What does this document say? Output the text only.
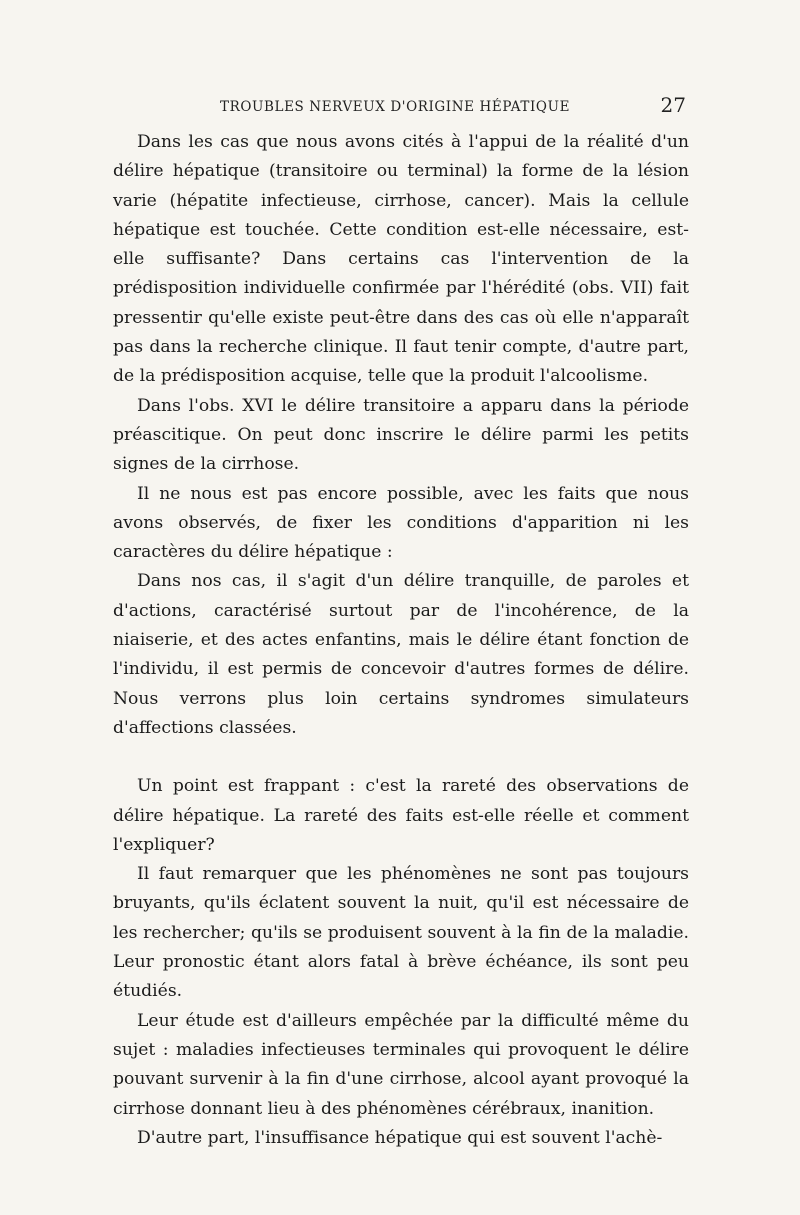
TROUBLES NERVEUX D'ORIGINE HÉPATIQUE	27

Dans les cas que nous avons cités à l'appui de la réalité d'un délire hépatique (transitoire ou terminal) la forme de la lésion varie (hépatite infectieuse, cirrhose, cancer). Mais la cellule hépatique est touchée. Cette condition est-elle nécessaire, est-elle suffisante? Dans certains cas l'intervention de la prédisposition individuelle confirmée par l'hérédité (obs. VII) fait pressentir qu'elle existe peut-être dans des cas où elle n'apparaît pas dans la recherche clinique. Il faut tenir compte, d'autre part, de la prédisposition acquise, telle que la produit l'alcoolisme.

Dans l'obs. XVI le délire transitoire a apparu dans la période préascitique. On peut donc inscrire le délire parmi les petits signes de la cirrhose.

Il ne nous est pas encore possible, avec les faits que nous avons observés, de fixer les conditions d'apparition ni les caractères du délire hépatique :

Dans nos cas, il s'agit d'un délire tranquille, de paroles et d'actions, caractérisé surtout par de l'incohérence, de la niaiserie, et des actes enfantins, mais le délire étant fonction de l'individu, il est permis de concevoir d'autres formes de délire. Nous verrons plus loin certains syndromes simulateurs d'affections classées.

Un point est frappant : c'est la rareté des observations de délire hépatique. La rareté des faits est-elle réelle et comment l'expliquer?

Il faut remarquer que les phénomènes ne sont pas toujours bruyants, qu'ils éclatent souvent la nuit, qu'il est nécessaire de les rechercher; qu'ils se produisent souvent à la fin de la maladie. Leur pronostic étant alors fatal à brève échéance, ils sont peu étudiés.

Leur étude est d'ailleurs empêchée par la difficulté même du sujet : maladies infectieuses terminales qui provoquent le délire pouvant survenir à la fin d'une cirrhose, alcool ayant provoqué la cirrhose donnant lieu à des phénomènes cérébraux, inanition.

D'autre part, l'insuffisance hépatique qui est souvent l'achè-
